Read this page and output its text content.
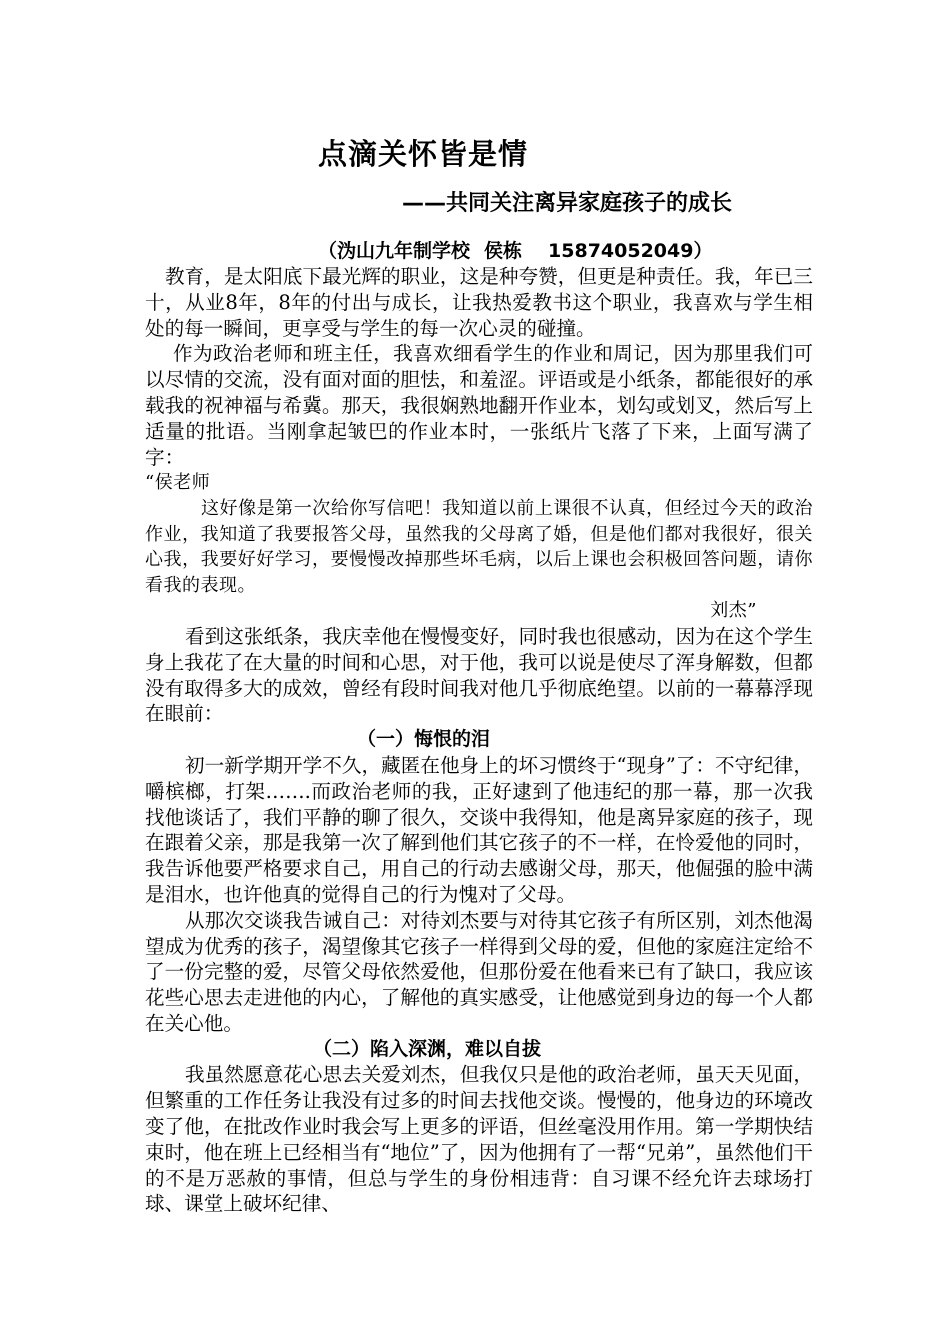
点滴关怀皆是情
——共同关注离异家庭孩子的成长
（沩山九年制学校 侯栋 15874052049）

教育，是太阳底下最光辉的职业，这是种夸赞，但更是种责任。我，年已三十，从业8年，8年的付出与成长，让我热爱教书这个职业，我喜欢与学生相处的每一瞬间，更享受与学生的每一次心灵的碰撞。

作为政治老师和班主任，我喜欢细看学生的作业和周记，因为那里我们可以尽情的交流，没有面对面的胆怯，和羞涩。评语或是小纸条，都能很好的承载我的祝神福与希冀。那天，我很娴熟地翻开作业本，划勾或划叉，然后写上适量的批语。当刚拿起皱巴的作业本时，一张纸片飞落了下来，上面写满了字：

“侯老师

这好像是第一次给你写信吧！我知道以前上课很不认真，但经过今天的政治作业，我知道了我要报答父母，虽然我的父母离了婚，但是他们都对我很好，很关心我，我要好好学习，要慢慢改掉那些坏毛病，以后上课也会积极回答问题，请你看我的表现。

刘杰”

看到这张纸条，我庆幸他在慢慢变好，同时我也很感动，因为在这个学生身上我花了在大量的时间和心思，对于他，我可以说是使尽了浑身解数，但都没有取得多大的成效，曾经有段时间我对他几乎彻底绝望。以前的一幕幕浮现在眼前：

（一）悔恨的泪

初一新学期开学不久，藏匿在他身上的坏习惯终于“现身”了：不守纪律，嚼槟榔，打架…….而政治老师的我，正好逮到了他违纪的那一幕，那一次我找他谈话了，我们平静的聊了很久，交谈中我得知，他是离异家庭的孩子，现在跟着父亲，那是我第一次了解到他们其它孩子的不一样，在怜爱他的同时，我告诉他要严格要求自己，用自己的行动去感谢父母，那天，他倔强的脸中满是泪水，也许他真的觉得自己的行为愧对了父母。

从那次交谈我告诫自己：对待刘杰要与对待其它孩子有所区别，刘杰他渴望成为优秀的孩子，渴望像其它孩子一样得到父母的爱，但他的家庭注定给不了一份完整的爱，尽管父母依然爱他，但那份爱在他看来已有了缺口，我应该花些心思去走进他的内心，了解他的真实感受，让他感觉到身边的每一个人都在关心他。

（二）陷入深渊，难以自拔

我虽然愿意花心思去关爱刘杰，但我仅只是他的政治老师，虽天天见面，但繁重的工作任务让我没有过多的时间去找他交谈。慢慢的，他身边的环境改变了他，在批改作业时我会写上更多的评语，但丝毫没用作用。第一学期快结束时，他在班上已经相当有“地位”了，因为他拥有了一帮“兄弟”，虽然他们干的不是万恶赦的事情，但总与学生的身份相违背：自习课不经允许去球场打球、课堂上破坏纪律、
